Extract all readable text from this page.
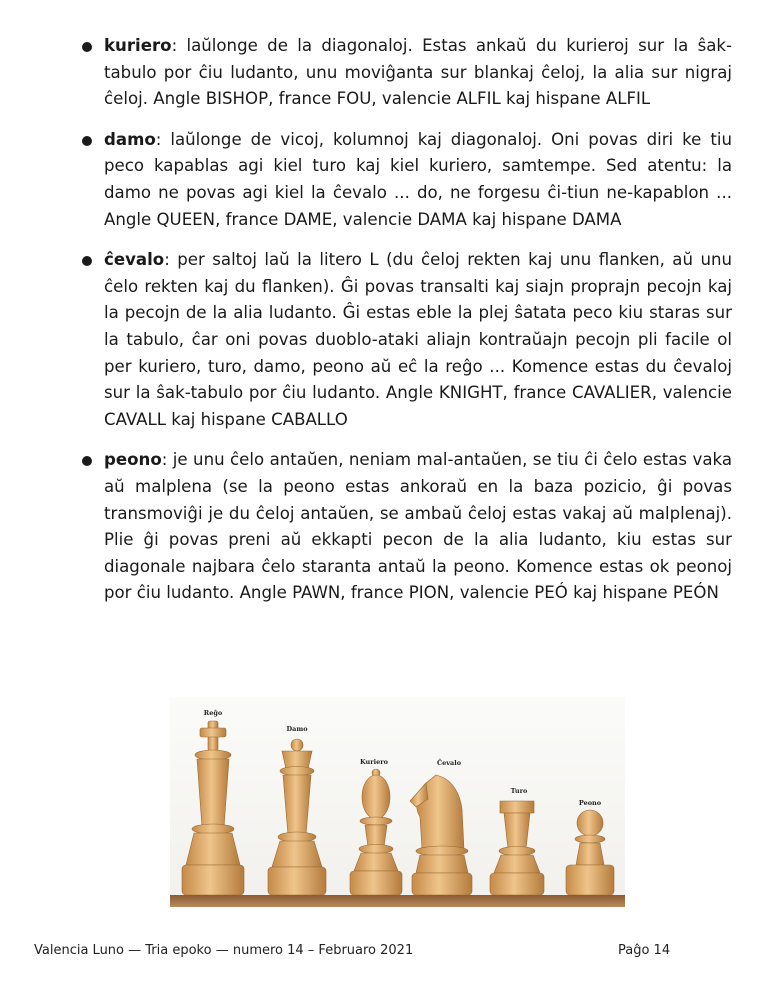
kuriero: laŭlonge de la diagonaloj. Estas ankaŭ du kurieroj sur la ŝak-tabulo por ĉiu ludanto, unu moviĝanta sur blankaj ĉeloj, la alia sur nigraj ĉeloj. Angle BISHOP, france FOU, valencie ALFIL kaj hispane ALFIL
damo: laŭlonge de vicoj, kolumnoj kaj diagonaloj. Oni povas diri ke tiu peco kapablas agi kiel turo kaj kiel kuriero, samtempe. Sed atentu: la damo ne povas agi kiel la ĉevalo ... do, ne forgesu ĉi-tiun ne-kapablon ... Angle QUEEN, france DAME, valencie DAMA kaj hispane DAMA
ĉevalo: per saltoj laŭ la litero L (du ĉeloj rekten kaj unu flanken, aŭ unu ĉelo rekten kaj du flanken). Ĝi povas transalti kaj siajn proprajn pecojn kaj la pecojn de la alia ludanto. Ĝi estas eble la plej ŝatata peco kiu staras sur la tabulo, ĉar oni povas duoblo-ataki aliajn kontraŭajn pecojn pli facile ol per kuriero, turo, damo, peono aŭ eĉ la reĝo ... Komence estas du ĉevaloj sur la ŝak-tabulo por ĉiu ludanto. Angle KNIGHT, france CAVALIER, valencie CAVALL kaj hispane CABALLO
peono: je unu ĉelo antaŭen, neniam mal-antaŭen, se tiu ĉi ĉelo estas vaka aŭ malplena (se la peono estas ankoraŭ en la baza pozicio, ĝi povas transmoviĝi je du ĉeloj antaŭen, se ambaŭ ĉeloj estas vakaj aŭ malplenaj). Plie ĝi povas preni aŭ ekkapti pecon de la alia ludanto, kiu estas sur diagonale najbara ĉelo staranta antaŭ la peono. Komence estas ok peonoj por ĉiu ludanto. Angle PAWN, france PION, valencie PEÓ kaj hispane PEÓN
Reĝo
Damo
Kuriero	Ĉevalo
Turo
Peono
Valencia Luno — Tria epoko — numero 14 – Februaro 2021	Paĝo 14
